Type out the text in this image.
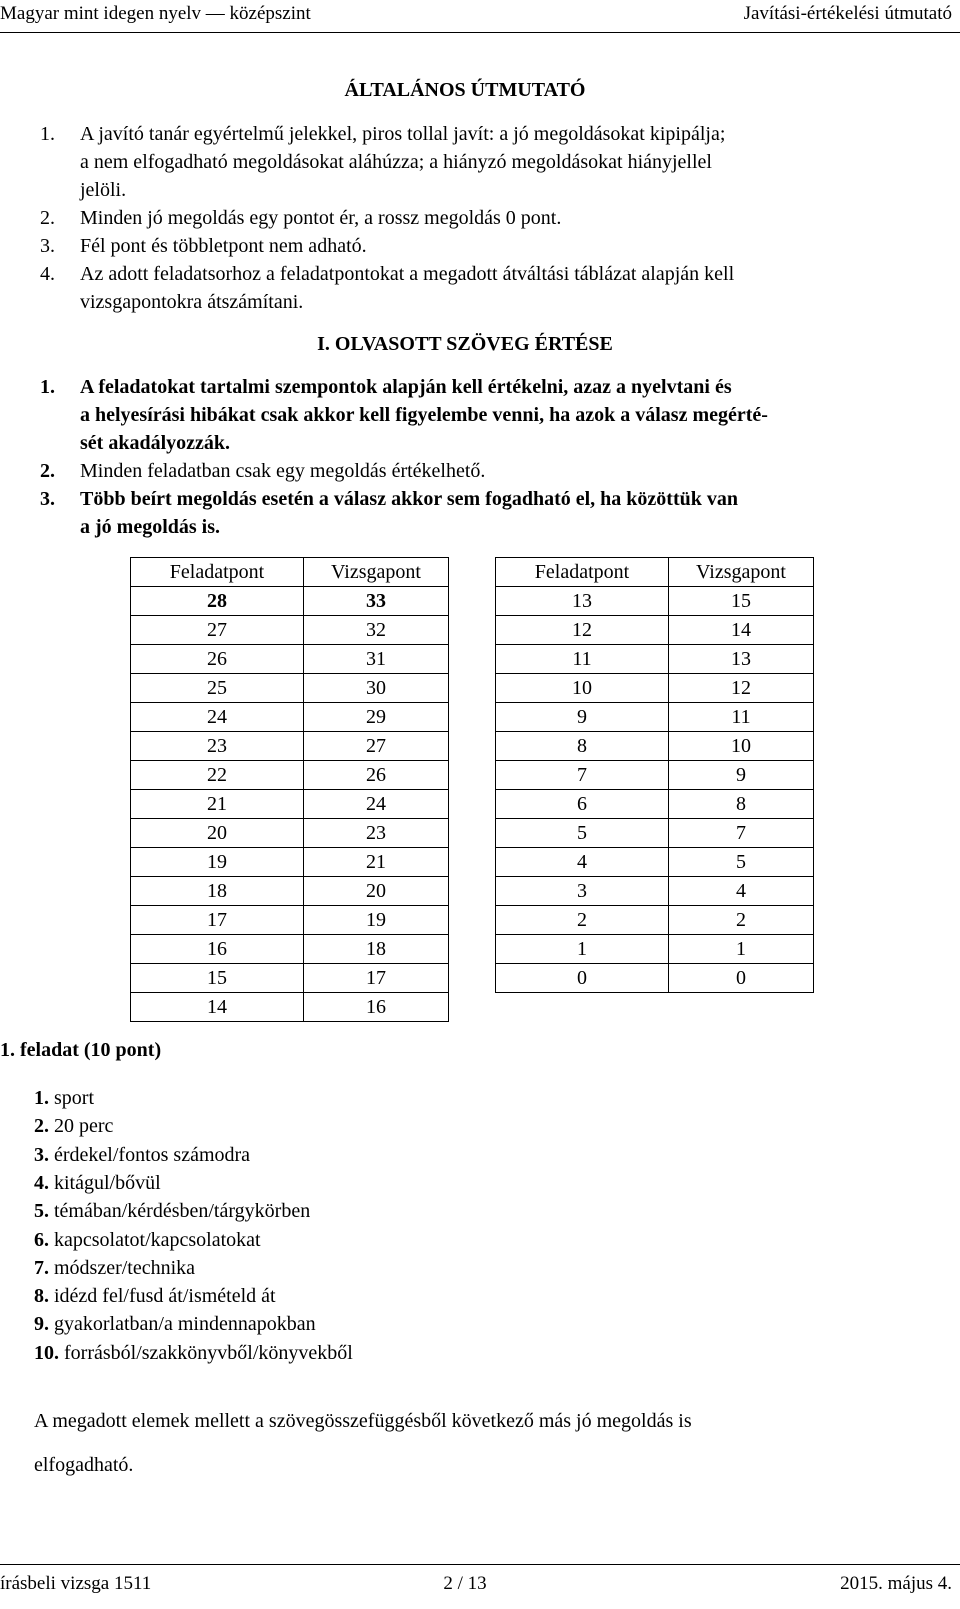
Magyar mint idegen nyelv — középszint	Javítási-értékelési útmutató
ÁLTALÁNOS ÚTMUTATÓ
1. A javító tanár egyértelmű jelekkel, piros tollal javít: a jó megoldásokat kipipálja;
a nem elfogadható megoldásokat aláhúzza; a hiányzó megoldásokat hiányjellel
jelöli.
2. Minden jó megoldás egy pontot ér, a rossz megoldás 0 pont.
3. Fél pont és többletpont nem adható.
4. Az adott feladatsorhoz a feladatpontokat a megadott átváltási táblázat alapján kell
vizsgapontokra átszámítani.
I. OLVASOTT SZÖVEG ÉRTÉSE
1. A feladatokat tartalmi szempontok alapján kell értékelni, azaz a nyelvtani és
a helyesírási hibákat csak akkor kell figyelembe venni, ha azok a válasz megérté-
sét akadályozzák.
2. Minden feladatban csak egy megoldás értékelhető.
3. Több beírt megoldás esetén a válasz akkor sem fogadható el, ha közöttük van
a jó megoldás is.
Feladatpont	Vizsgapont
28	33
27	32
26	31
25	30
24	29
23	27
22	26
21	24
20	23
19	21
18	20
17	19
16	18
15	17
14	16
Feladatpont	Vizsgapont
13	15
12	14
11	13
10	12
9	11
8	10
7	9
6	8
5	7
4	5
3	4
2	2
1	1
0	0
1. feladat (10 pont)
1. sport
2. 20 perc
3. érdekel/fontos számodra
4. kitágul/bővül
5. témában/kérdésben/tárgykörben
6. kapcsolatot/kapcsolatokat
7. módszer/technika
8. idézd fel/fusd át/ismételd át
9. gyakorlatban/a mindennapokban
10. forrásból/szakkönyvből/könyvekből
A megadott elemek mellett a szövegösszefüggésből következő más jó megoldás is
elfogadható.
írásbeli vizsga 1511	2 / 13	2015. május 4.
